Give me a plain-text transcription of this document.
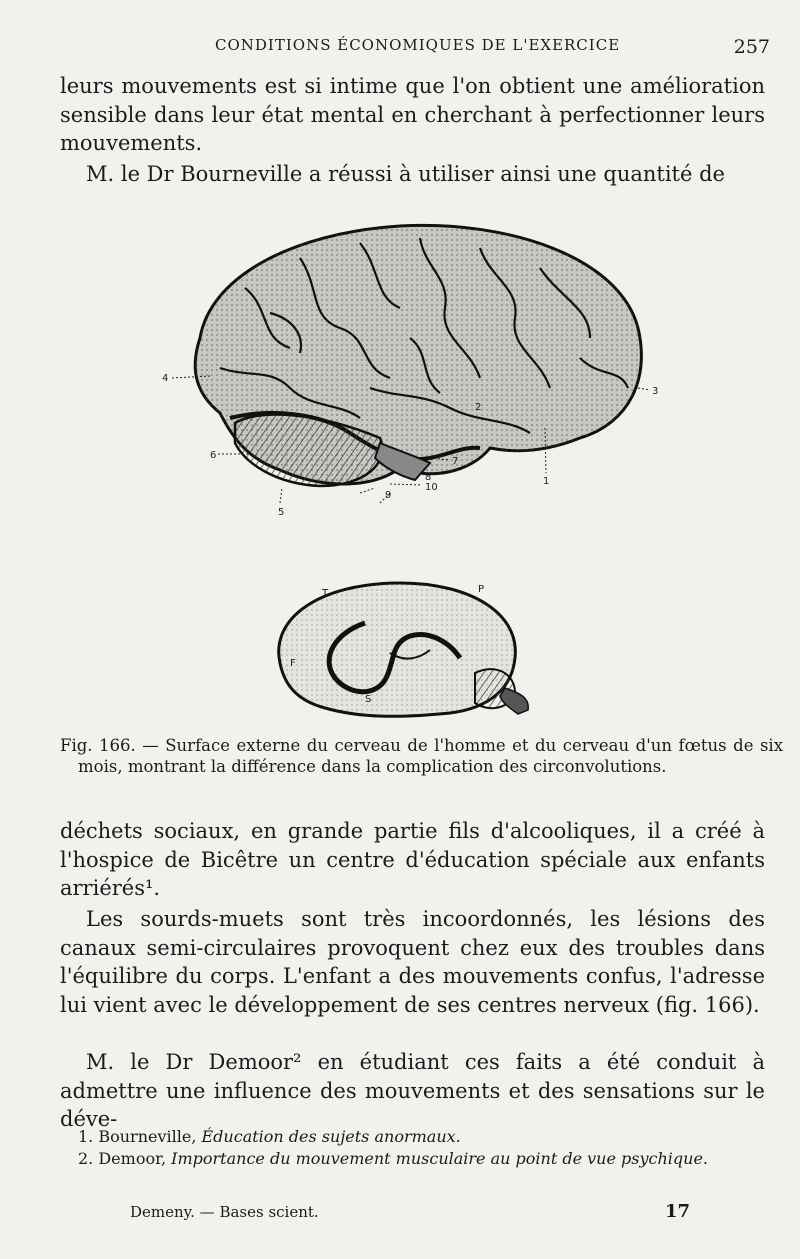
CONDITIONS ÉCONOMIQUES DE L'EXERCICE	257

leurs mouvements est si intime que l'on obtient une amélioration sensible dans leur état mental en cherchant à perfectionner leurs mouvements.

M. le Dr Bourneville a réussi à utiliser ainsi une quantité de

4
3
6
2
7
8
10
9
5
1
T	P
F
S

Fig. 166. — Surface externe du cerveau de l'homme et du cerveau d'un fœtus de six mois, montrant la différence dans la complication des circonvolutions.

déchets sociaux, en grande partie fils d'alcooliques, il a créé à l'hospice de Bicêtre un centre d'éducation spéciale aux enfants arriérés¹.

Les sourds-muets sont très incoordonnés, les lésions des canaux semi-circulaires provoquent chez eux des troubles dans l'équilibre du corps. L'enfant a des mouvements confus, l'adresse lui vient avec le développement de ses centres nerveux (fig. 166).

M. le Dr Demoor² en étudiant ces faits a été conduit à admettre une influence des mouvements et des sensations sur le déve-

1. Bourneville, Éducation des sujets anormaux.

2. Demoor, Importance du mouvement musculaire au point de vue psychique.

Demeny. — Bases scient.	17
